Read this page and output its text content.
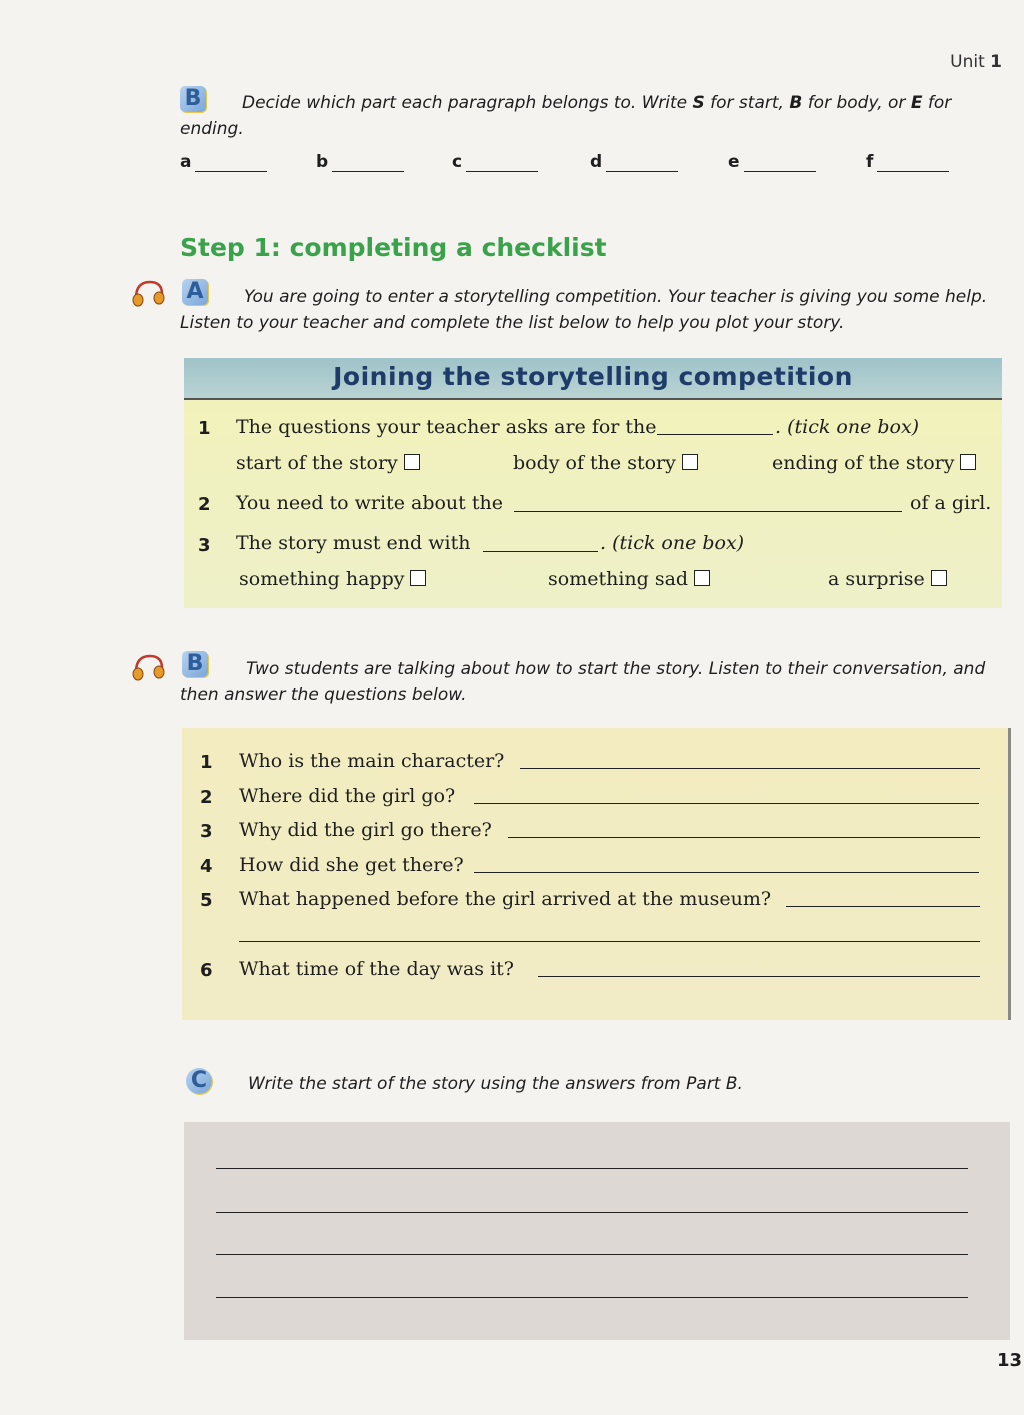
Unit 1
B	Decide which part each paragraph belongs to. Write S for start, B for body, or E for
ending.
a	b	c	d	e	f
Step 1: completing a checklist
A	You are going to enter a storytelling competition. Your teacher is giving you some help.
Listen to your teacher and complete the list below to help you plot your story.
Joining the storytelling competition
1 The questions your teacher asks are for the	. (tick one box)
start of the story	body of the story	ending of the story
2 You need to write about the	of a girl.
3 The story must end with	. (tick one box)
something happy	something sad	a surprise
B	Two students are talking about how to start the story. Listen to their conversation, and
then answer the questions below.
1 Who is the main character?
2 Where did the girl go?
3 Why did the girl go there?
4 How did she get there?
5 What happened before the girl arrived at the museum?
6 What time of the day was it?
C Write the start of the story using the answers from Part B.
13
